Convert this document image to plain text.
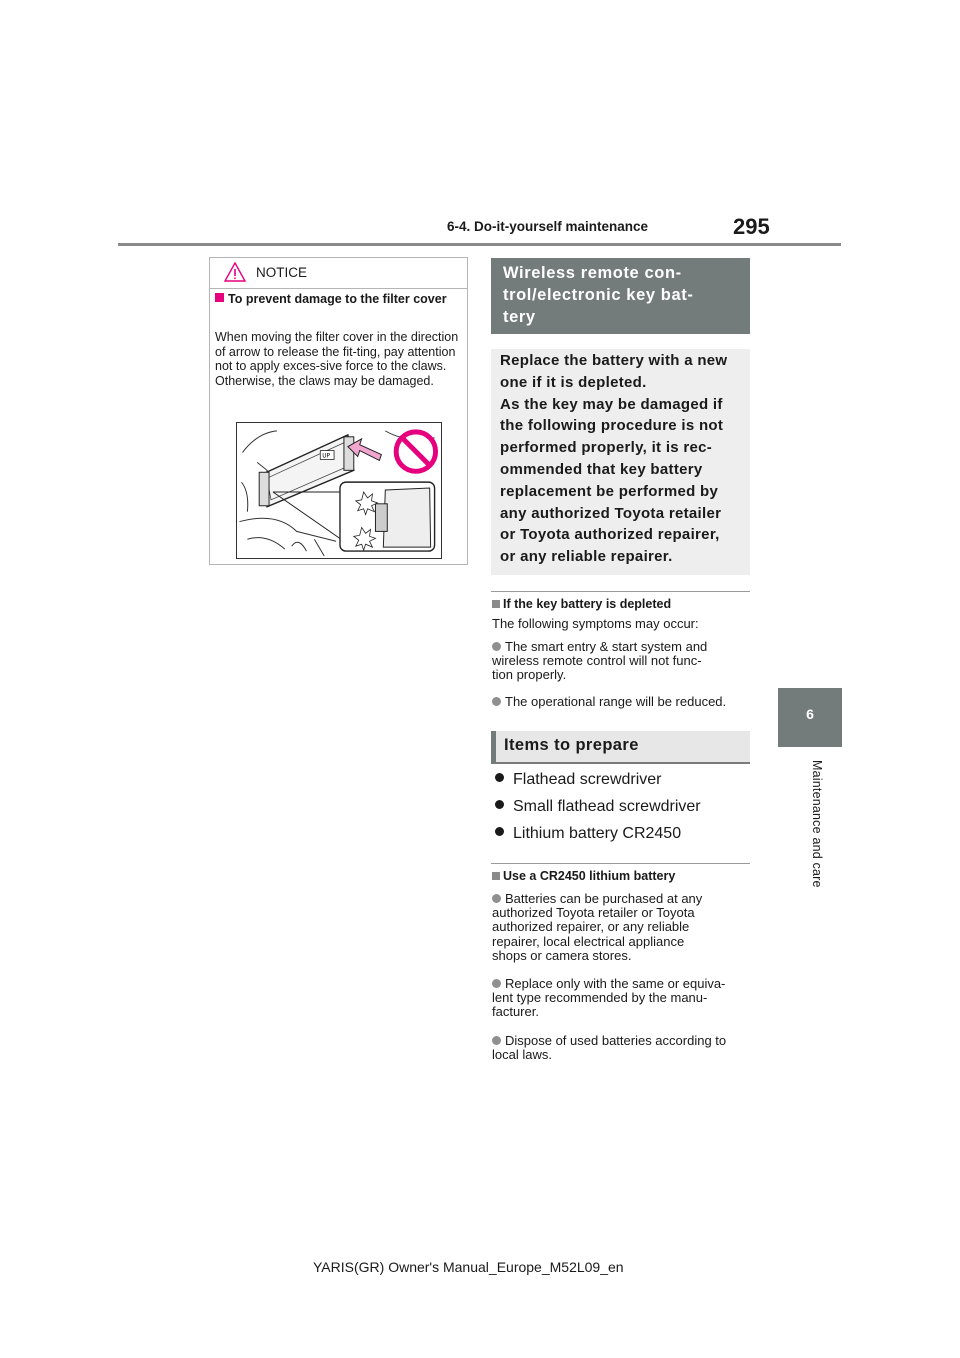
6-4. Do-it-yourself maintenance	295
6
Maintenance and care
NOTICE
To prevent damage to the filter cover
When moving the filter cover in the direction of arrow to release the fit-ting, pay attention not to apply exces-sive force to the claws. Otherwise, the claws may be damaged.
UP
Wireless remote con-
trol/electronic key bat-
tery
Replace the battery with a new
one if it is depleted.
As the key may be damaged if
the following procedure is not
performed properly, it is rec-
ommended that key battery
replacement be performed by
any authorized Toyota retailer
or Toyota authorized repairer,
or any reliable repairer.
If the key battery is depleted
The following symptoms may occur:
The smart entry & start system and
wireless remote control will not func-
tion properly.
The operational range will be reduced.
Items to prepare
Flathead screwdriver
Small flathead screwdriver
Lithium battery CR2450
Use a CR2450 lithium battery
Batteries can be purchased at any
authorized Toyota retailer or Toyota
authorized repairer, or any reliable
repairer, local electrical appliance
shops or camera stores.
Replace only with the same or equiva-
lent type recommended by the manu-
facturer.
Dispose of used batteries according to
local laws.
YARIS(GR) Owner's Manual_Europe_M52L09_en
